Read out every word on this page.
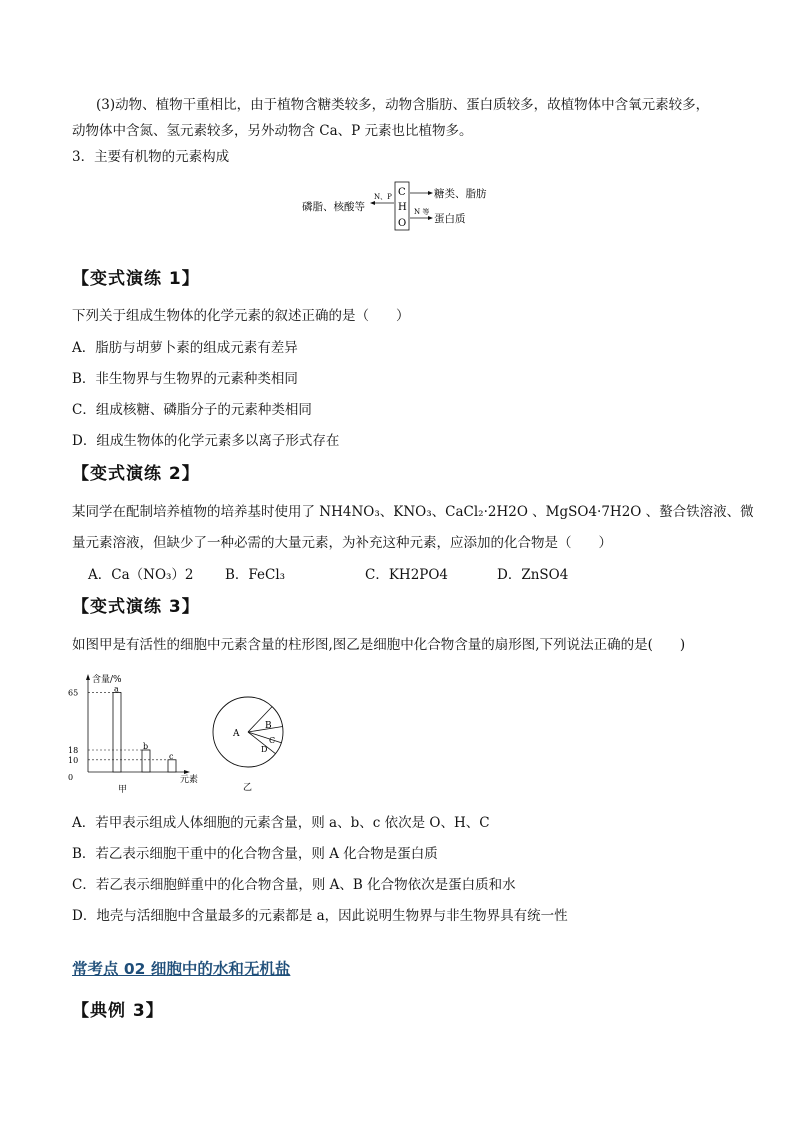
(3)动物、植物干重相比，由于植物含糖类较多，动物含脂肪、蛋白质较多，故植物体中含氧元素较多，
动物体中含氮、氢元素较多，另外动物含 Ca、P 元素也比植物多。
3．主要有机物的元素构成
磷脂、核酸等
N、P C
H
O
糖类、脂肪
N 等
蛋白质
【变式演练 1】
下列关于组成生物体的化学元素的叙述正确的是（　　）
A．脂肪与胡萝卜素的组成元素有差异
B．非生物界与生物界的元素种类相同
C．组成核糖、磷脂分子的元素种类相同
D．组成生物体的化学元素多以离子形式存在
【变式演练 2】
某同学在配制培养植物的培养基时使用了 NH4NO₃、KNO₃、CaCl₂·2H2O 、MgSO4·7H2O 、螯合铁溶液、微
量元素溶液，但缺少了一种必需的大量元素，为补充这种元素，应添加的化合物是（　　）
A．Ca（NO₃）2 B．FeCl₃	C．KH2PO4	D．ZnSO4
【变式演练 3】
如图甲是有活性的细胞中元素含量的柱形图,图乙是细胞中化合物含量的扇形图,下列说法正确的是(　　)
含量/%
元素
甲
65
18
10
0
a
b
c
A
B
C
D
乙
A．若甲表示组成人体细胞的元素含量，则 a、b、c 依次是 O、H、C
B．若乙表示细胞干重中的化合物含量，则 A 化合物是蛋白质
C．若乙表示细胞鲜重中的化合物含量，则 A、B 化合物依次是蛋白质和水
D．地壳与活细胞中含量最多的元素都是 a，因此说明生物界与非生物界具有统一性
常考点 02 细胞中的水和无机盐
【典例 3】
